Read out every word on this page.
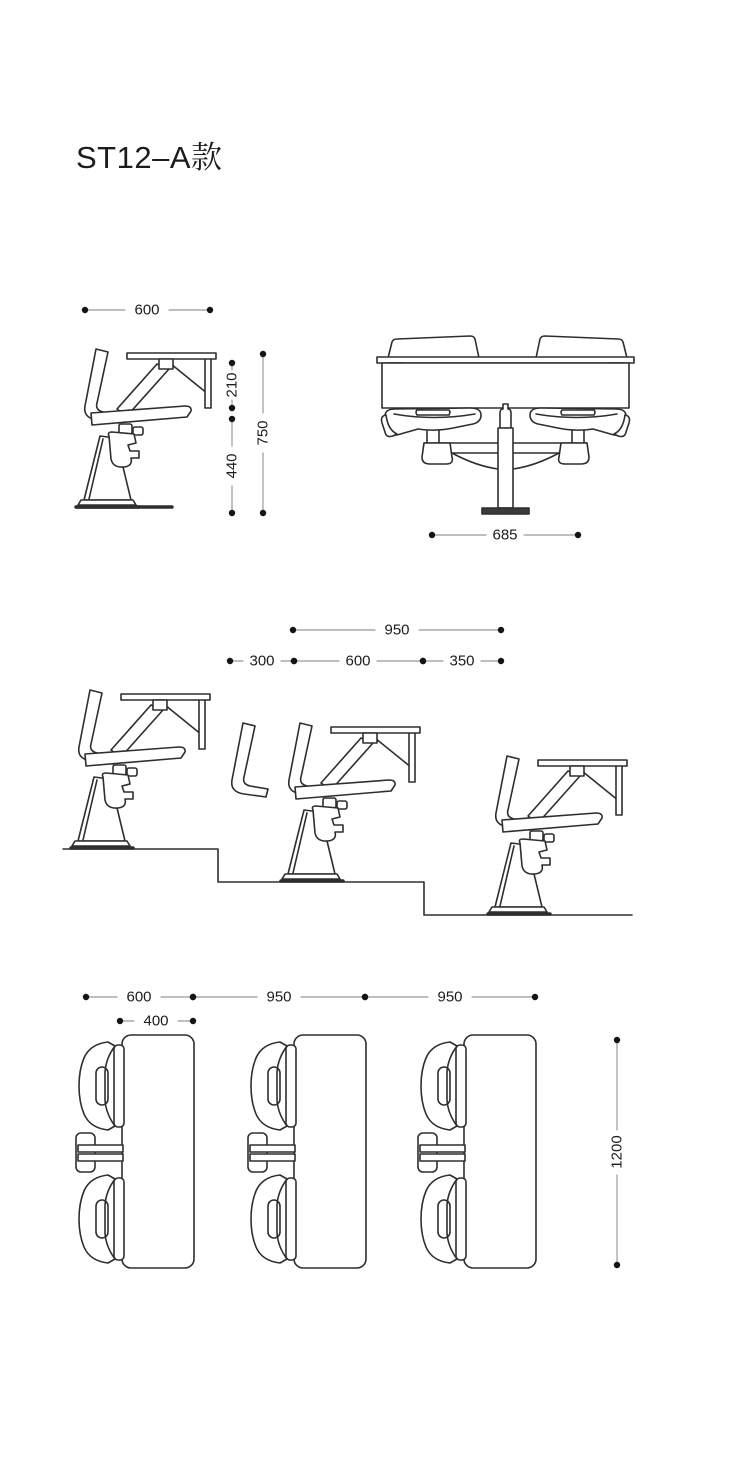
ST12–A款
600
210
440
750
685
950
300	600	350
600	950	950
400
1200
